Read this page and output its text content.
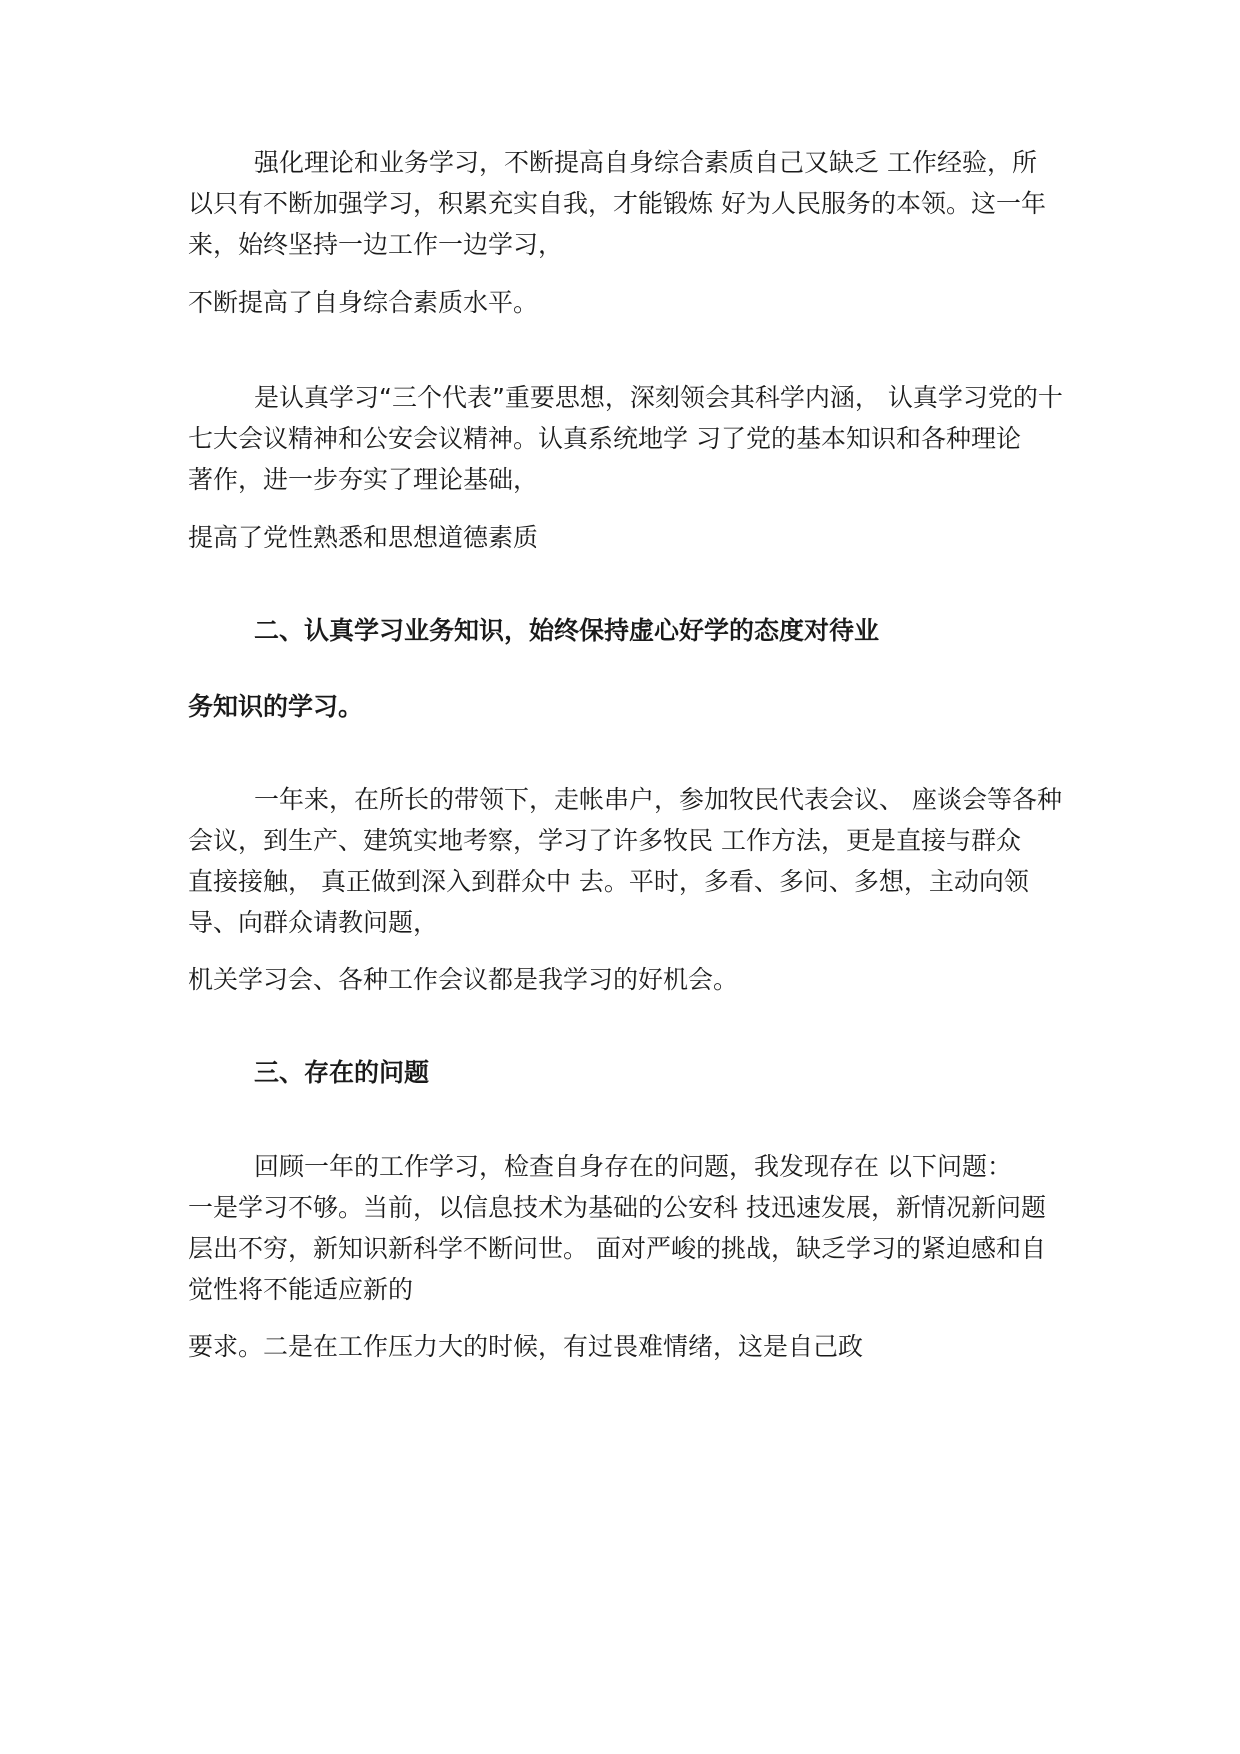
强化理论和业务学习，不断提高自身综合素质自己又缺乏 工作经验，所
以只有不断加强学习，积累充实自我，才能锻炼 好为人民服务的本领。这一年
来，始终坚持一边工作一边学习，
不断提高了自身综合素质水平。
是认真学习“三个代表”重要思想，深刻领会其科学内涵， 认真学习党的十
七大会议精神和公安会议精神。认真系统地学 习了党的基本知识和各种理论
著作，进一步夯实了理论基础，
提高了党性熟悉和思想道德素质
二、认真学习业务知识，始终保持虚心好学的态度对待业
务知识的学习。
一年来，在所长的带领下，走帐串户，参加牧民代表会议、 座谈会等各种
会议，到生产、建筑实地考察，学习了许多牧民 工作方法，更是直接与群众
直接接触， 真正做到深入到群众中 去。平时，多看、多问、多想，主动向领
导、向群众请教问题，
机关学习会、各种工作会议都是我学习的好机会。
三、存在的问题
回顾一年的工作学习，检查自身存在的问题，我发现存在 以下问题：
一是学习不够。当前，以信息技术为基础的公安科 技迅速发展，新情况新问题
层出不穷，新知识新科学不断问世。 面对严峻的挑战，缺乏学习的紧迫感和自
觉性将不能适应新的
要求。二是在工作压力大的时候，有过畏难情绪，这是自己政
